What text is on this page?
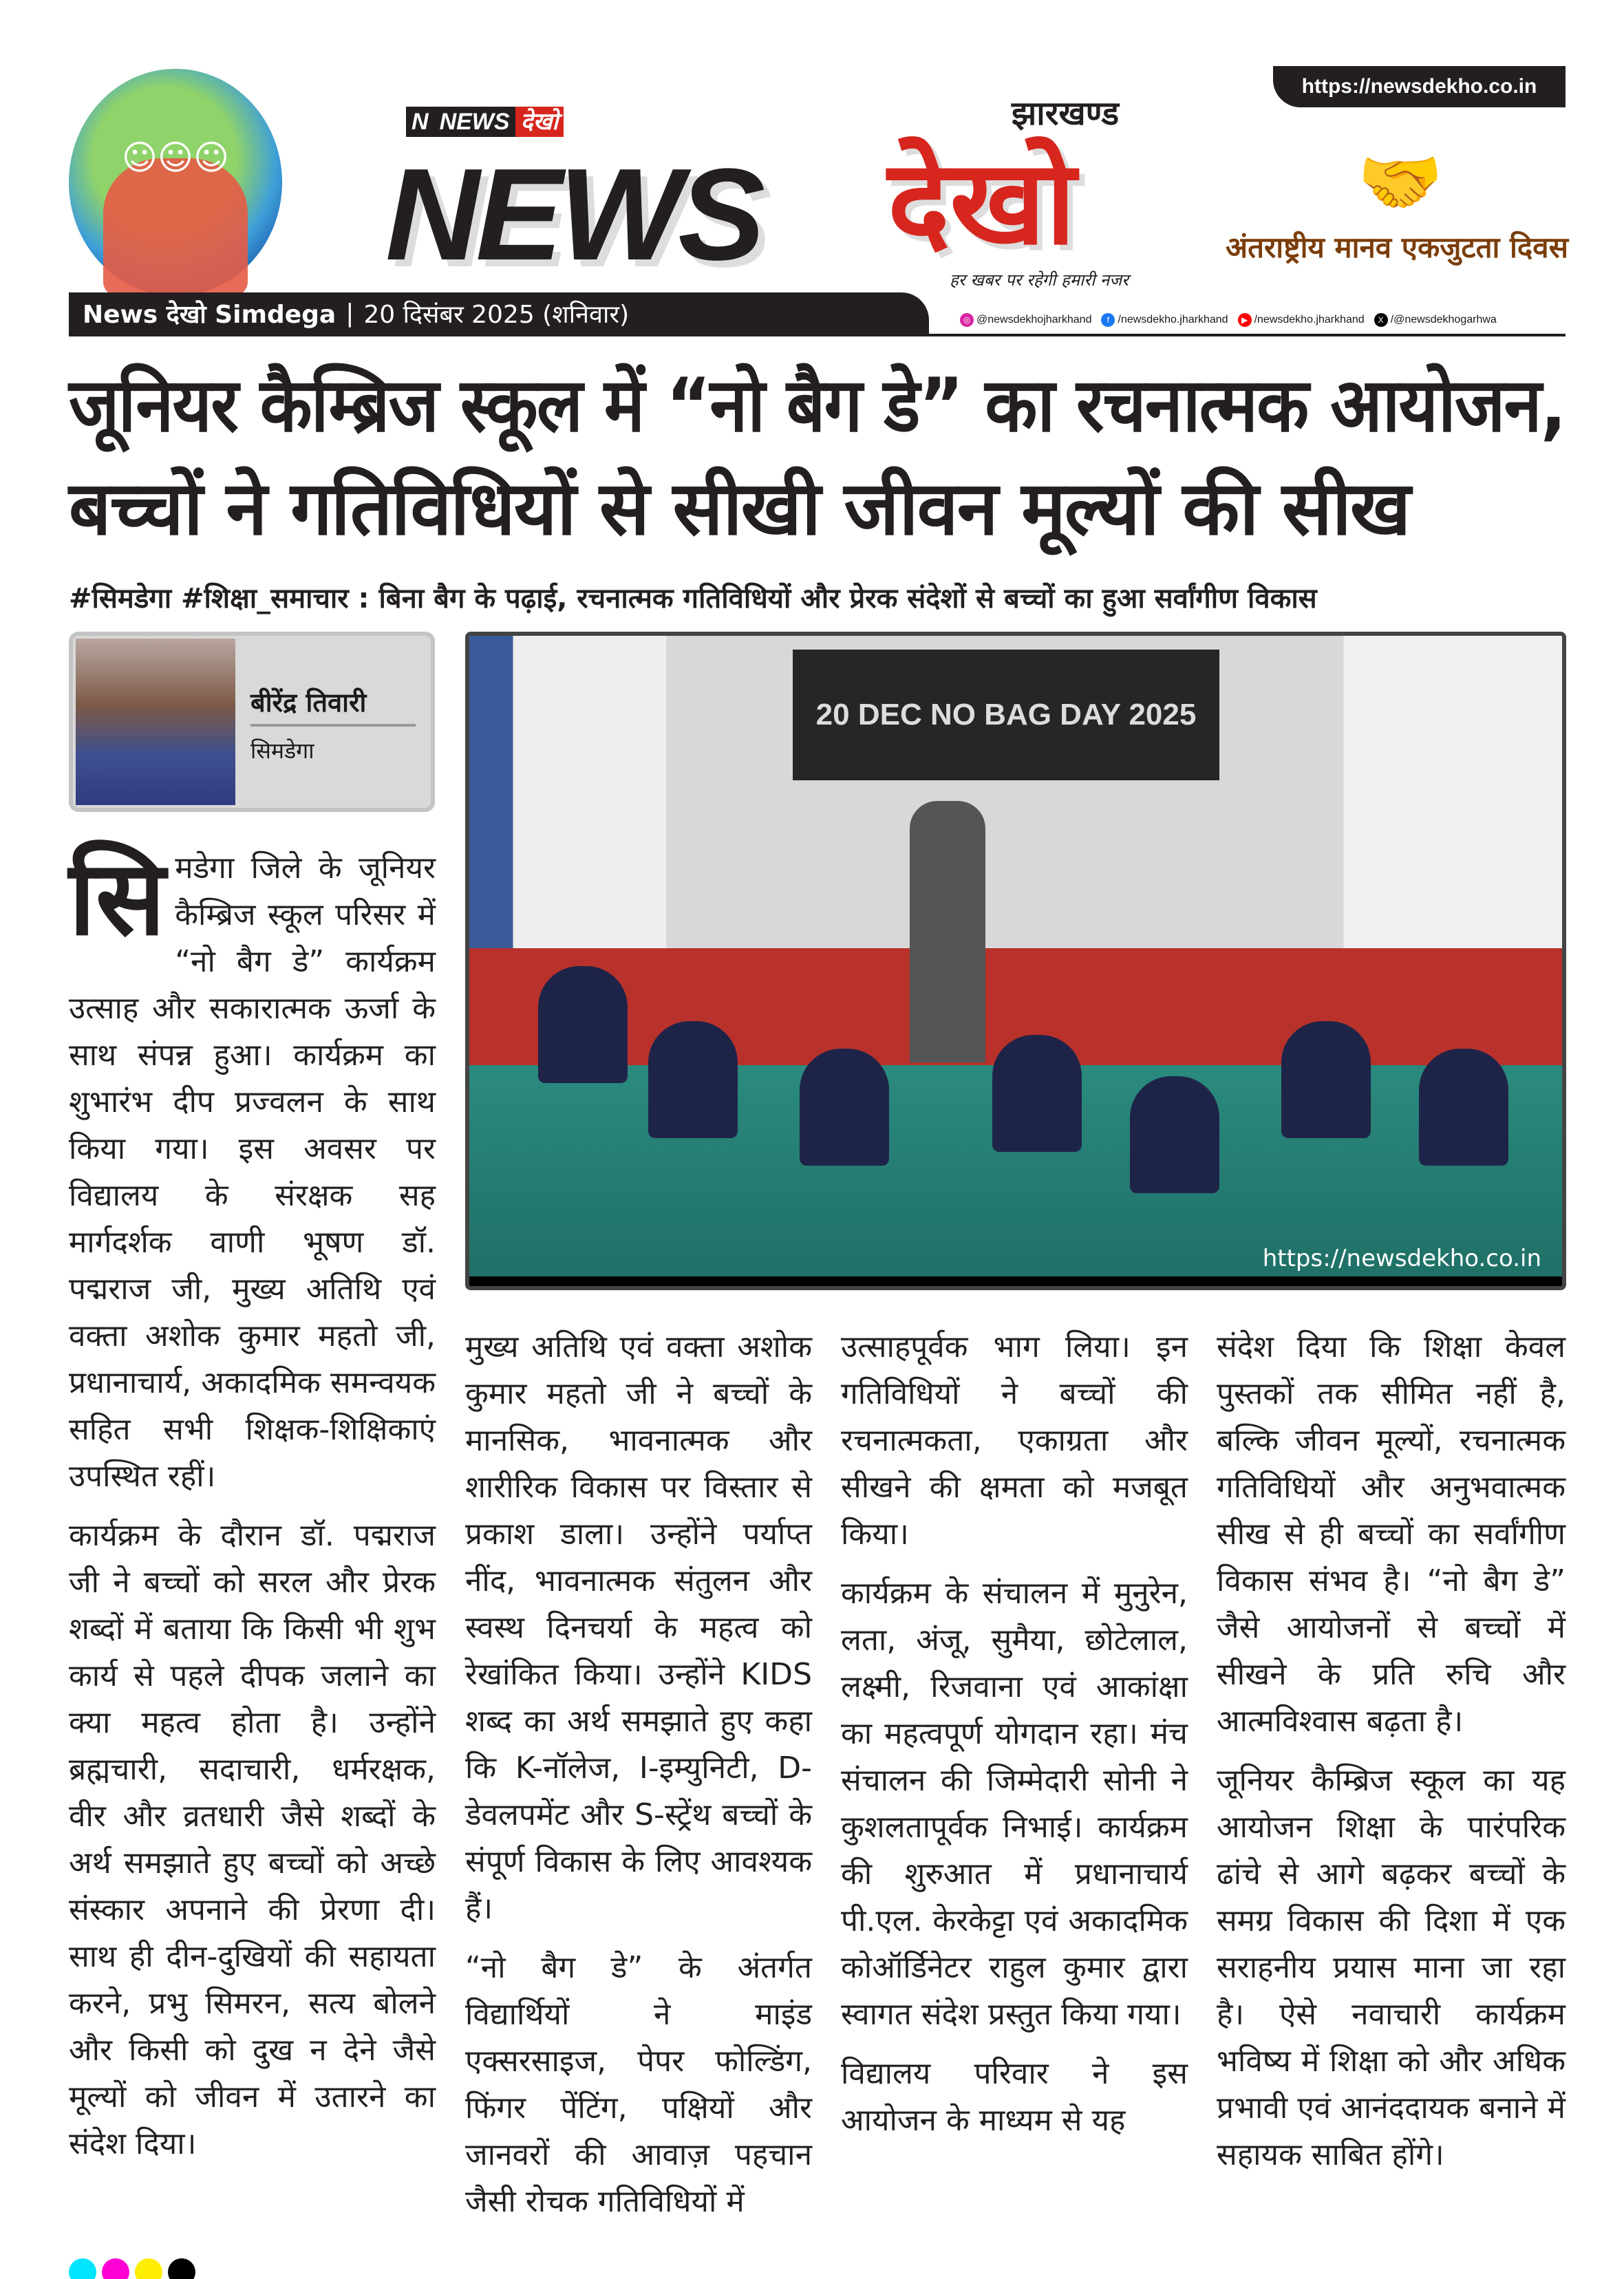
https://newsdekho.co.in
☺☺☺
N NEWS देखो
NEWS	देखो
झारखण्ड
हर खबर पर रहेगी हमारी नजर
🤝
अंतराष्ट्रीय मानव एकजुटता दिवस
News देखो Simdega | 20 दिसंबर 2025 (शनिवार)	◎ @newsdekhojharkhand	f /newsdekho.jharkhand	▶ /newsdekho.jharkhand	X /@newsdekhogarhwa
जूनियर कैम्ब्रिज स्कूल में “नो बैग डे” का रचनात्मक आयोजन,
बच्चों ने गतिविधियों से सीखी जीवन मूल्यों की सीख
#सिमडेगा #शिक्षा_समाचार : बिना बैग के पढ़ाई, रचनात्मक गतिविधियों और प्रेरक संदेशों से बच्चों का हुआ सर्वांगीण विकास
बीरेंद्र तिवारी
सिमडेगा
20 DEC NO BAG DAY 2025
https://newsdekho.co.in

सिमडेगा जिले के जूनियर कैम्ब्रिज स्कूल परिसर में “नो बैग डे” कार्यक्रम उत्साह और सकारात्मक ऊर्जा के साथ संपन्न हुआ। कार्यक्रम का शुभारंभ दीप प्रज्वलन के साथ किया गया। इस अवसर पर विद्यालय के संरक्षक सह मार्गदर्शक वाणी भूषण डॉ. पद्मराज जी, मुख्य अतिथि एवं वक्ता अशोक कुमार महतो जी, प्रधानाचार्य, अकादमिक समन्वयक सहित सभी शिक्षक-शिक्षिकाएं उपस्थित रहीं।

कार्यक्रम के दौरान डॉ. पद्मराज जी ने बच्चों को सरल और प्रेरक शब्दों में बताया कि किसी भी शुभ कार्य से पहले दीपक जलाने का क्या महत्व होता है। उन्होंने ब्रह्मचारी, सदाचारी, धर्मरक्षक, वीर और व्रतधारी जैसे शब्दों के अर्थ समझाते हुए बच्चों को अच्छे संस्कार अपनाने की प्रेरणा दी। साथ ही दीन-दुखियों की सहायता करने, प्रभु सिमरन, सत्य बोलने और किसी को दुख न देने जैसे मूल्यों को जीवन में उतारने का संदेश दिया।

मुख्य अतिथि एवं वक्ता अशोक कुमार महतो जी ने बच्चों के मानसिक, भावनात्मक और शारीरिक विकास पर विस्तार से प्रकाश डाला। उन्होंने पर्याप्त नींद, भावनात्मक संतुलन और स्वस्थ दिनचर्या के महत्व को रेखांकित किया। उन्होंने KIDS शब्द का अर्थ समझाते हुए कहा कि K-नॉलेज, I-इम्युनिटी, D-डेवलपमेंट और S-स्ट्रेंथ बच्चों के संपूर्ण विकास के लिए आवश्यक हैं।

“नो बैग डे” के अंतर्गत विद्यार्थियों ने माइंड एक्सरसाइज, पेपर फोल्डिंग, फिंगर पेंटिंग, पक्षियों और जानवरों की आवाज़ पहचान जैसी रोचक गतिविधियों में

उत्साहपूर्वक भाग लिया। इन गतिविधियों ने बच्चों की रचनात्मकता, एकाग्रता और सीखने की क्षमता को मजबूत किया।

कार्यक्रम के संचालन में मुनुरेन, लता, अंजू, सुमैया, छोटेलाल, लक्ष्मी, रिजवाना एवं आकांक्षा का महत्वपूर्ण योगदान रहा। मंच संचालन की जिम्मेदारी सोनी ने कुशलतापूर्वक निभाई। कार्यक्रम की शुरुआत में प्रधानाचार्य पी.एल. केरकेट्टा एवं अकादमिक कोऑर्डिनेटर राहुल कुमार द्वारा स्वागत संदेश प्रस्तुत किया गया।

विद्यालय परिवार ने इस आयोजन के माध्यम से यह

संदेश दिया कि शिक्षा केवल पुस्तकों तक सीमित नहीं है, बल्कि जीवन मूल्यों, रचनात्मक गतिविधियों और अनुभवात्मक सीख से ही बच्चों का सर्वांगीण विकास संभव है। “नो बैग डे” जैसे आयोजनों से बच्चों में सीखने के प्रति रुचि और आत्मविश्वास बढ़ता है।

जूनियर कैम्ब्रिज स्कूल का यह आयोजन शिक्षा के पारंपरिक ढांचे से आगे बढ़कर बच्चों के समग्र विकास की दिशा में एक सराहनीय प्रयास माना जा रहा है। ऐसे नवाचारी कार्यक्रम भविष्य में शिक्षा को और अधिक प्रभावी एवं आनंददायक बनाने में सहायक साबित होंगे।
